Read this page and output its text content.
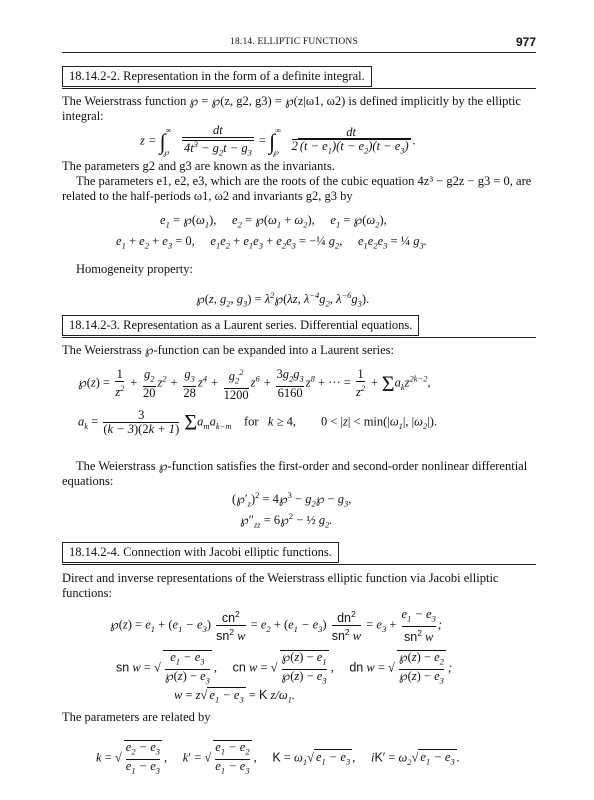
18.14. ELLIPTIC FUNCTIONS	977
18.14.2-2. Representation in the form of a definite integral.
The Weierstrass function ℘ = ℘(z, g2, g3) = ℘(z|ω1, ω2) is defined implicitly by the elliptic integral:
$z = \int^\infty_℘ \frac{dt}{4t^3 - g_2t - g_3} = \int^\infty_℘ \frac{dt}{2 (t - e_1)(t - e_2)(t - e_3)}$ .
The parameters g2 and g3 are known as the invariants.
The parameters e1, e2, e3, which are the roots of the cubic equation 4z³ − g2z − g3 = 0, are related to the half-periods ω1, ω2 and invariants g2, g3 by
$e_1$ = $℘(\omega_1)$,     $e_2$ = $℘(\omega_1 + \omega_2)$,     $e_1$ = $℘(\omega_2)$,
$e_1 + e_2 + e_3 = 0$,     $e_1e_2 + e_1e_3 + e_2e_3$ = −¼ $g_2$,     $e_1e_2e_3$ = ¼ $g_3$.
Homogeneity property:
℘(z, $g_2$, $g_3$) = $\lambda^2℘(\lambda z$, $\lambda^{-4}g_2$, $\lambda^{-6}g_3$).
18.14.2-3. Representation as a Laurent series. Differential equations.
The Weierstrass ℘-function can be expanded into a Laurent series:
℘(z) = $\frac{1}{z^2} + \frac{g_2}{20} z^2 + \frac{g_3}{28} z^4 + \frac{g_2^2}{1200} z^6 + \frac{3g_2g_3}{6160} z^8$ + ··· = $\frac{1}{z^2} + \Sigma a_kz^{2k-2}$,
$a_k = \frac{3}{(k - 3)(2k + 1)} \Sigma a_ma_{k-m}$ for   k ≥ 4, $0 < |z| < \min(|\omega_1|$, $|\omega_2|$).
The Weierstrass ℘-function satisfies the first-order and second-order nonlinear differential equations:
$(℘'_z)^2$ = 4℘$^3$ − $g_2℘ - g_3$,
$℘''_{zz}$ = 6℘$^2$ − ½ $g_2$.
18.14.2-4. Connection with Jacobi elliptic functions.
Direct and inverse representations of the Weierstrass elliptic function via Jacobi elliptic functions:
℘(z) = $e_1 + (e_1 - e_3) \frac{cn^2}{sn^2 w} = e_2 + (e_1 - e_3) \frac{dn^2}{sn^2 w} = e_3 + \frac{e_1 - e_3}{sn^2 w}$ ;
sn w = √ $\frac{e_1 - e_3}{℘(z) - e_3}$ ,     cn w = √ $\frac{℘(z) - e_1}{℘(z) - e_3}$ ,     dn w = √ $\frac{℘(z) - e_2}{℘(z) - e_3}$ ;
w = z√ $e_1 - e_3 = K$ $z/\omega_1$.
The parameters are related by
k = √ $\frac{e_2 - e_3}{e_1 - e_3}$ ,     k′ = √ $\frac{e_1 - e_2}{e_1 - e_3}$ ,     $K = \omega_1√$ $e_1 - e_3$ ,     $iK' = \omega_2√$ $e_1 - e_3$ .
